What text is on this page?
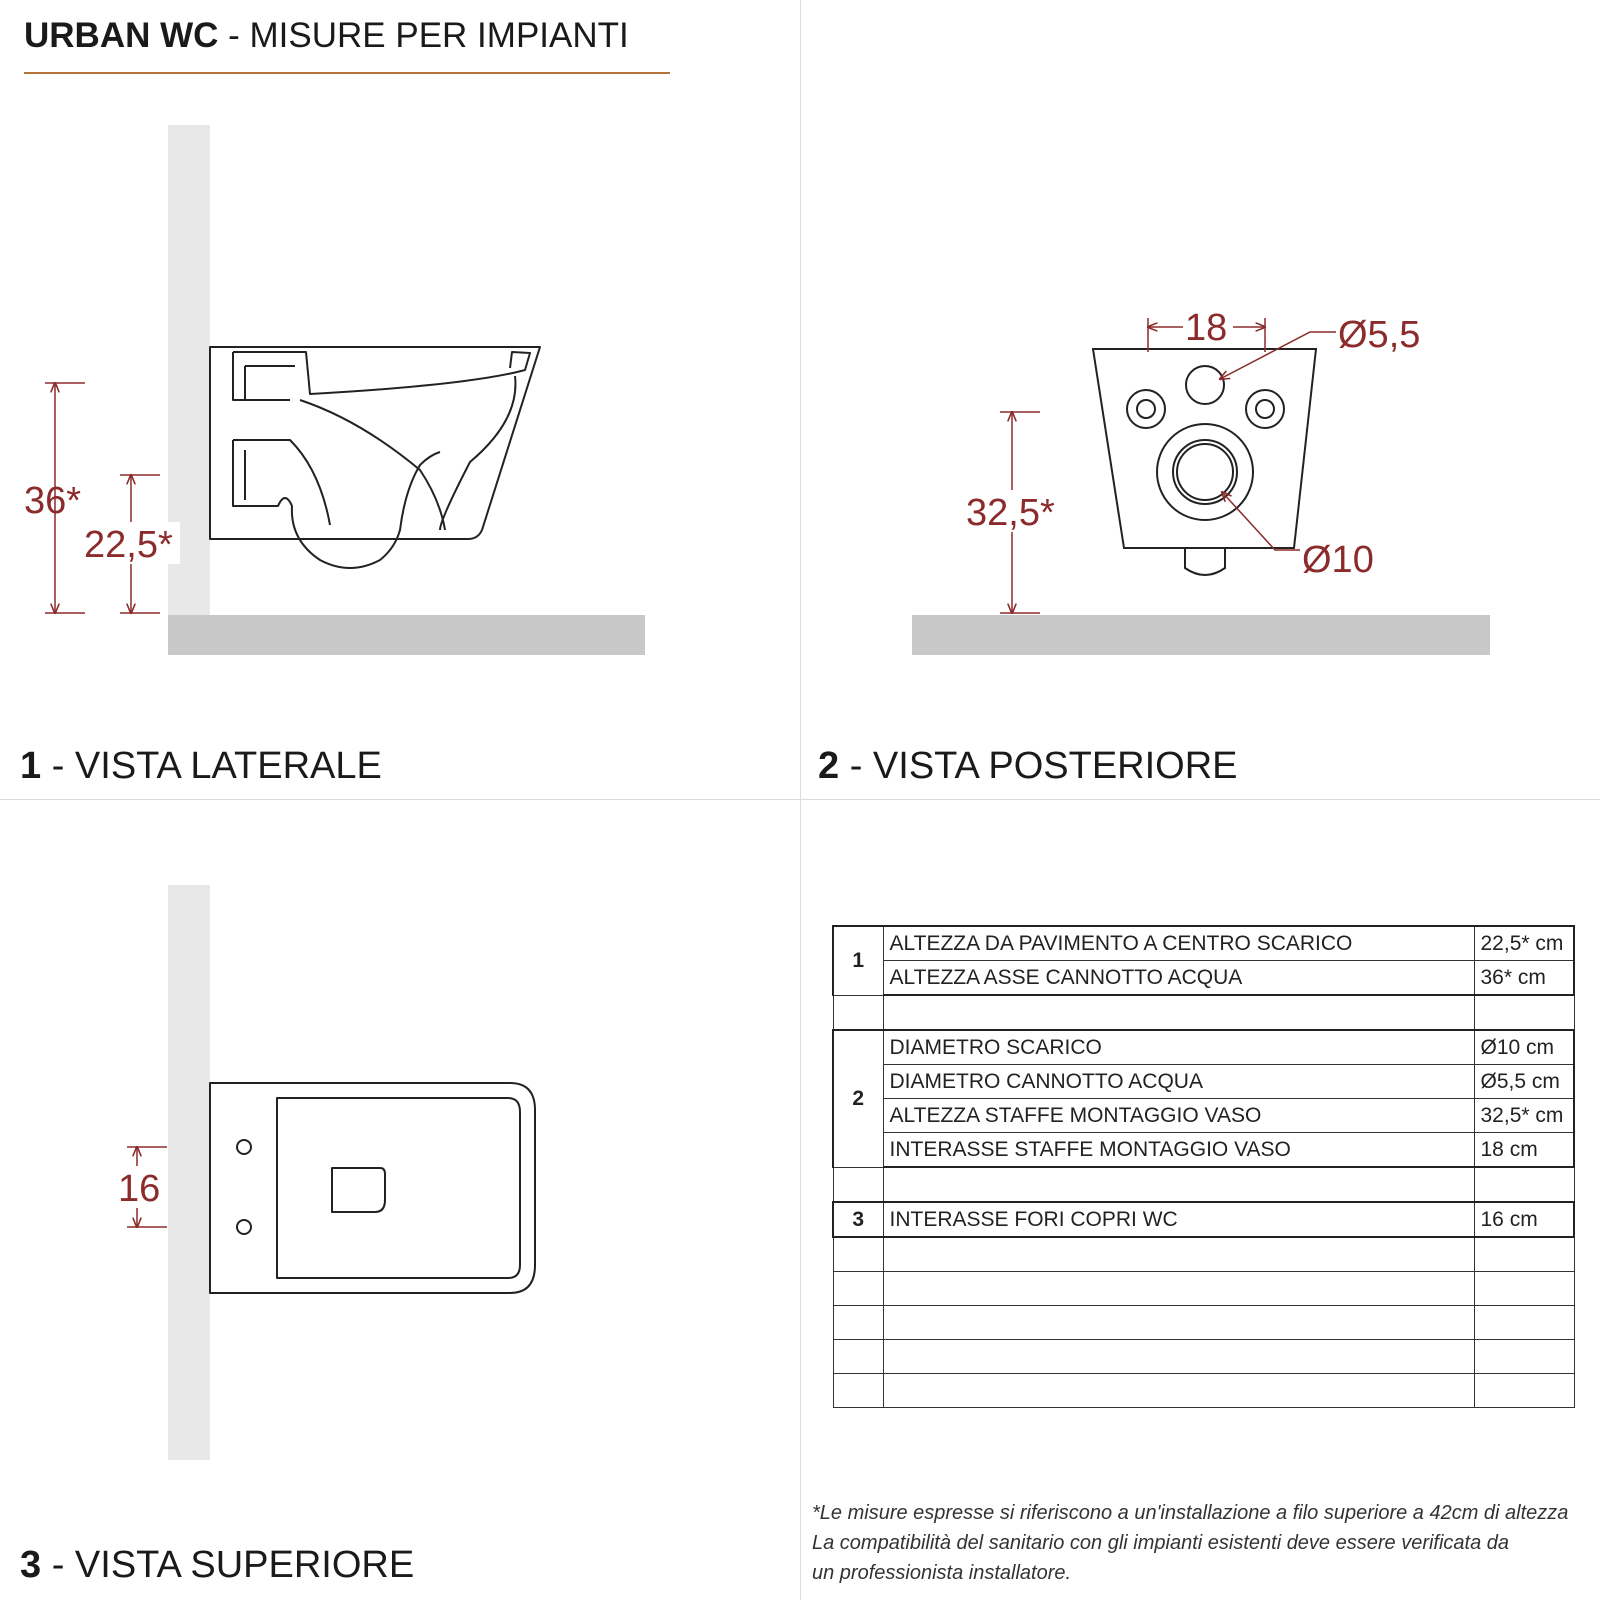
URBAN WC - MISURE PER IMPIANTI
36*
22,5*
18	Ø5,5
Ø10
32,5*
16
1 - VISTA LATERALE	2 - VISTA POSTERIORE
3 - VISTA SUPERIORE
1	ALTEZZA DA PAVIMENTO A CENTRO SCARICO	22,5* cm
	ALTEZZA ASSE CANNOTTO ACQUA	36* cm

2	DIAMETRO SCARICO	Ø10 cm
	DIAMETRO CANNOTTO ACQUA	Ø5,5 cm
	ALTEZZA STAFFE MONTAGGIO VASO	32,5* cm
	INTERASSE STAFFE MONTAGGIO VASO	18 cm

3	INTERASSE FORI COPRI WC	16 cm

*Le misure espresse si riferiscono a un'installazione a filo superiore a 42cm di altezza
La compatibilità del sanitario con gli impianti esistenti deve essere verificata da
un professionista installatore.
